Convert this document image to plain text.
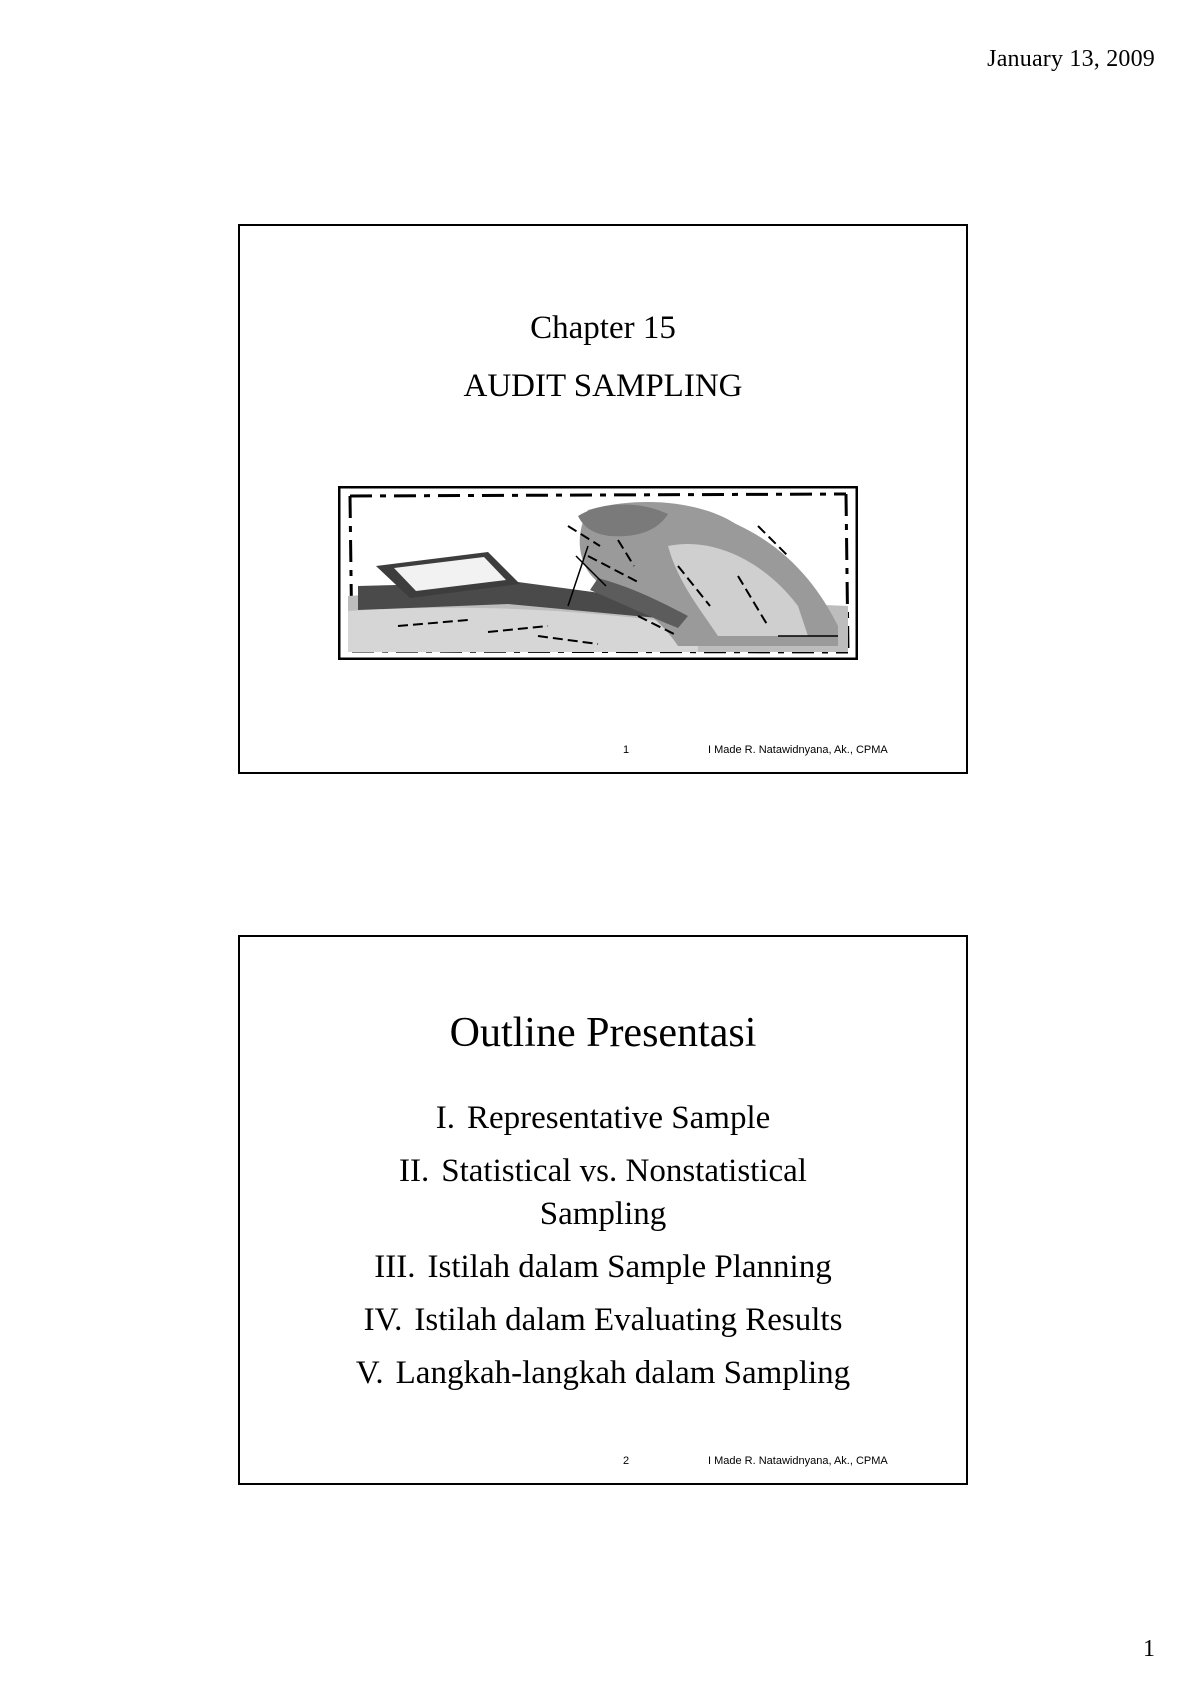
January 13, 2009
Chapter 15
AUDIT SAMPLING
1	I Made R. Natawidnyana, Ak., CPMA
Outline Presentasi
I. Representative Sample
II. Statistical vs. Nonstatistical
Sampling
III. Istilah dalam Sample Planning
IV. Istilah dalam Evaluating Results
V. Langkah-langkah dalam Sampling
2	I Made R. Natawidnyana, Ak., CPMA
1
